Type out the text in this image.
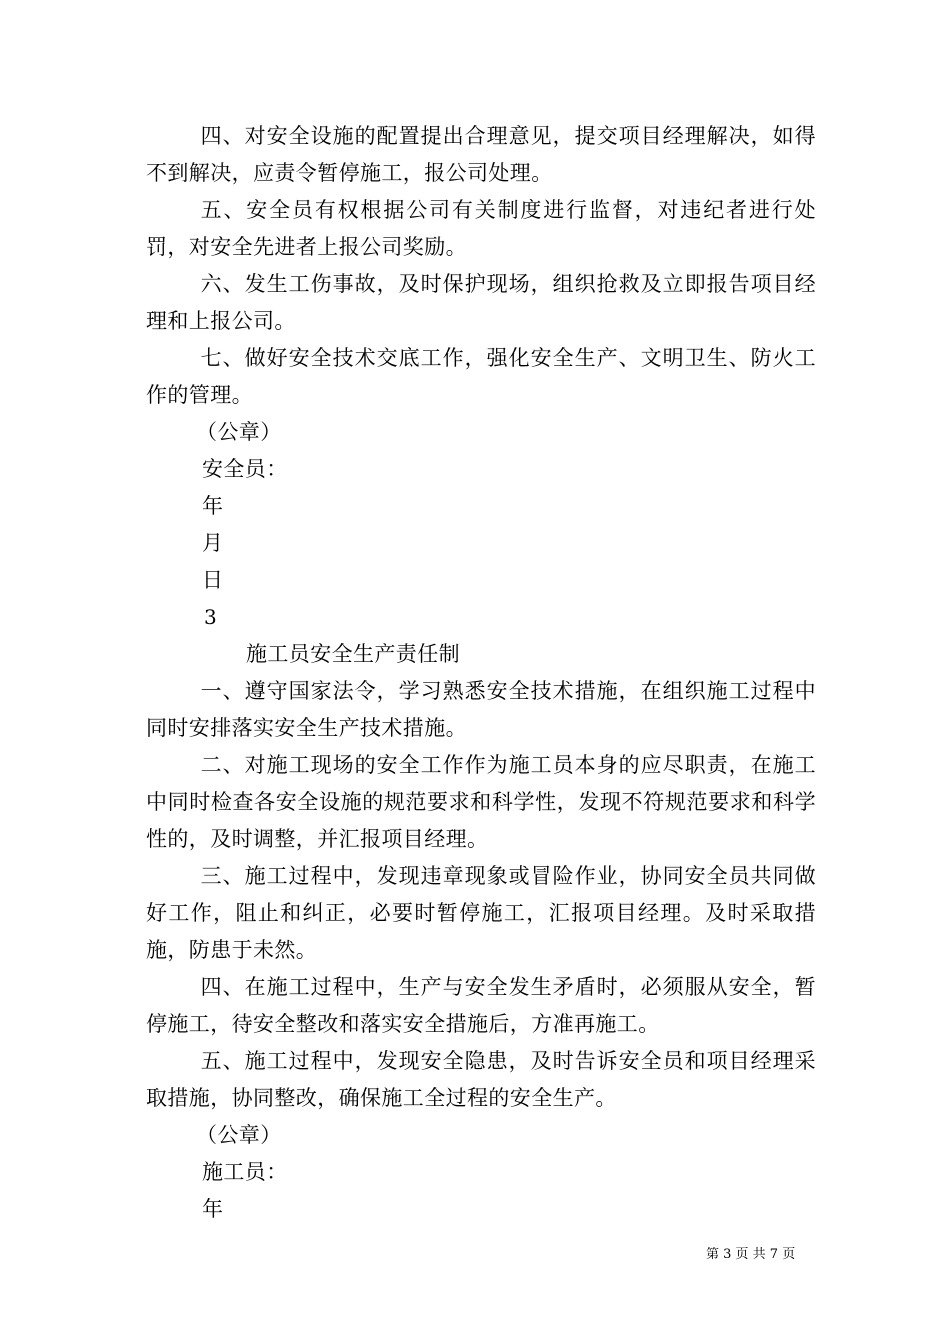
四、对安全设施的配置提出合理意见，提交项目经理解决，如得不到解决，应责令暂停施工，报公司处理。

五、安全员有权根据公司有关制度进行监督，对违纪者进行处罚，对安全先进者上报公司奖励。

六、发生工伤事故，及时保护现场，组织抢救及立即报告项目经理和上报公司。

七、做好安全技术交底工作，强化安全生产、文明卫生、防火工作的管理。

（公章）

安全员：

年

月

日

3

施工员安全生产责任制

一、遵守国家法令，学习熟悉安全技术措施，在组织施工过程中同时安排落实安全生产技术措施。

二、对施工现场的安全工作作为施工员本身的应尽职责，在施工中同时检查各安全设施的规范要求和科学性，发现不符规范要求和科学性的，及时调整，并汇报项目经理。

三、施工过程中，发现违章现象或冒险作业，协同安全员共同做好工作，阻止和纠正，必要时暂停施工，汇报项目经理。及时采取措施，防患于未然。

四、在施工过程中，生产与安全发生矛盾时，必须服从安全，暂停施工，待安全整改和落实安全措施后，方准再施工。

五、施工过程中，发现安全隐患，及时告诉安全员和项目经理采取措施，协同整改，确保施工全过程的安全生产。

（公章）

施工员：

年

第 3 页 共 7 页
